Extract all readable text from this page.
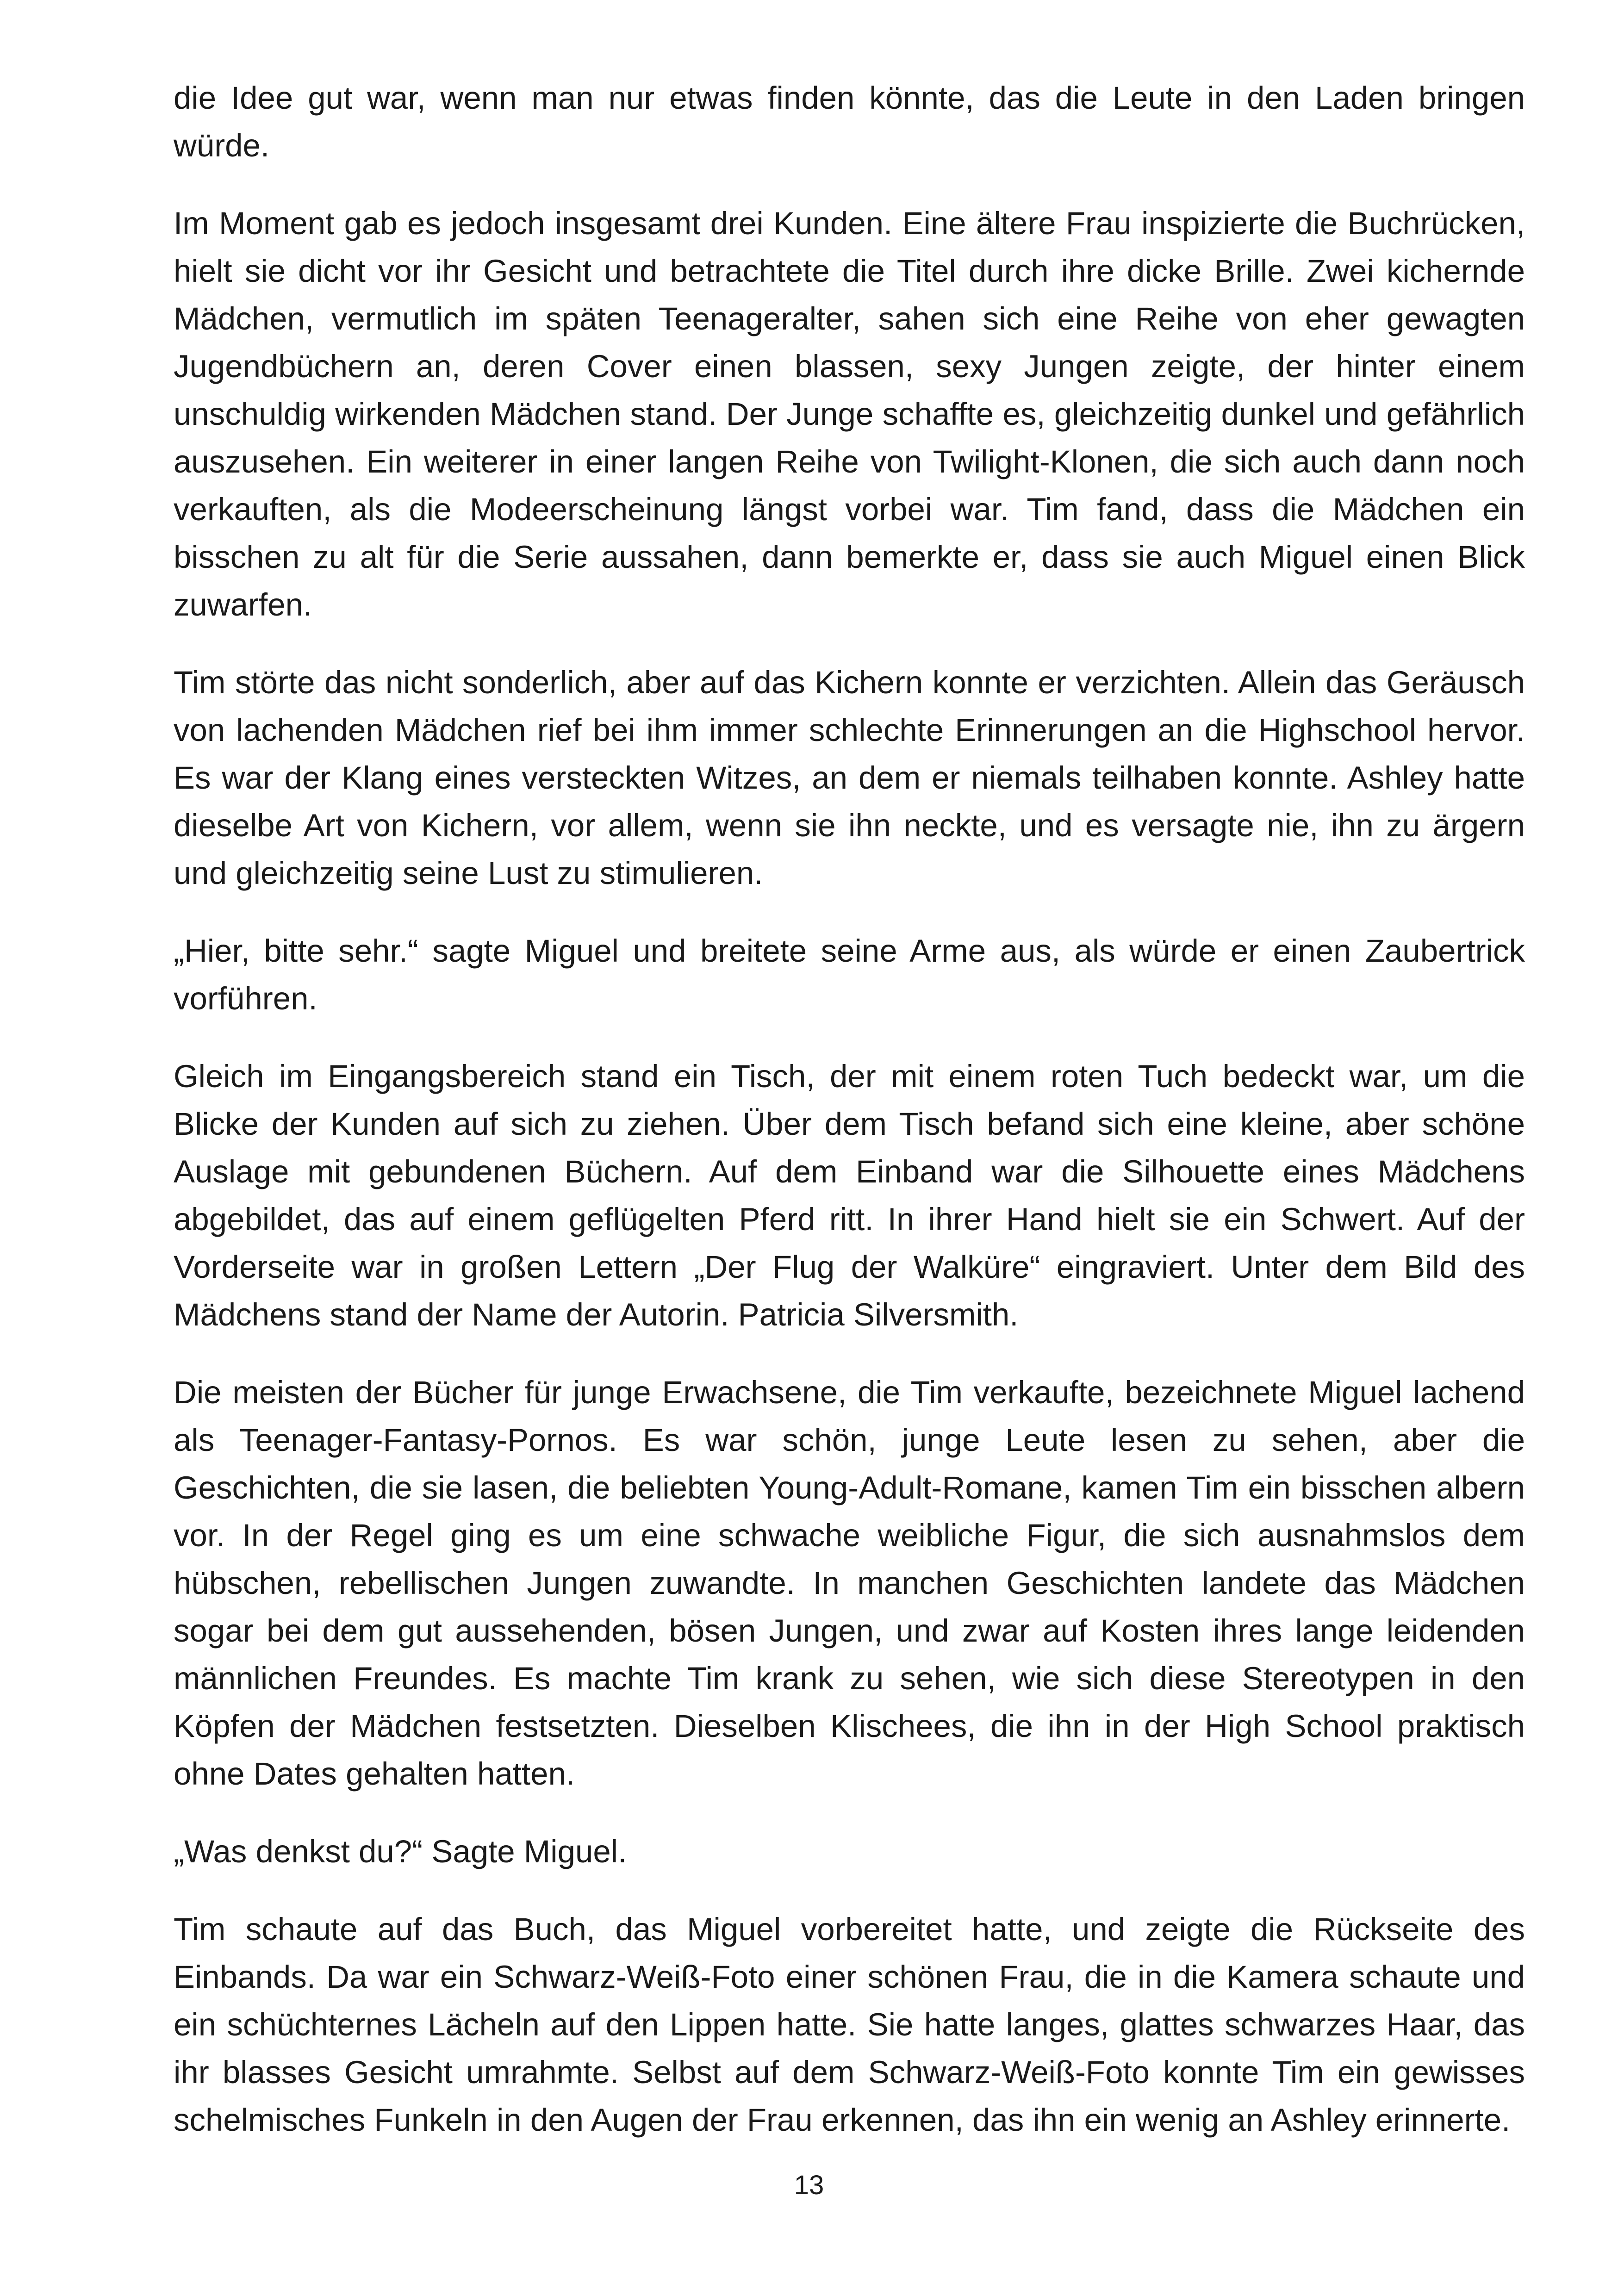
die Idee gut war, wenn man nur etwas finden könnte, das die Leute in den Laden bringen würde.

Im Moment gab es jedoch insgesamt drei Kunden. Eine ältere Frau inspizierte die Buchrücken, hielt sie dicht vor ihr Gesicht und betrachtete die Titel durch ihre dicke Brille. Zwei kichernde Mädchen, vermutlich im späten Teenageralter, sahen sich eine Reihe von eher gewagten Jugendbüchern an, deren Cover einen blassen, sexy Jungen zeigte, der hinter einem unschuldig wirkenden Mädchen stand. Der Junge schaffte es, gleichzeitig dunkel und gefährlich auszusehen. Ein weiterer in einer langen Reihe von Twilight-Klonen, die sich auch dann noch verkauften, als die Modeerscheinung längst vorbei war. Tim fand, dass die Mädchen ein bisschen zu alt für die Serie aussahen, dann bemerkte er, dass sie auch Miguel einen Blick zuwarfen.

Tim störte das nicht sonderlich, aber auf das Kichern konnte er verzichten. Allein das Geräusch von lachenden Mädchen rief bei ihm immer schlechte Erinnerungen an die Highschool hervor. Es war der Klang eines versteckten Witzes, an dem er niemals teilhaben konnte. Ashley hatte dieselbe Art von Kichern, vor allem, wenn sie ihn neckte, und es versagte nie, ihn zu ärgern und gleichzeitig seine Lust zu stimulieren.

„Hier, bitte sehr.“ sagte Miguel und breitete seine Arme aus, als würde er einen Zaubertrick vorführen.

Gleich im Eingangsbereich stand ein Tisch, der mit einem roten Tuch bedeckt war, um die Blicke der Kunden auf sich zu ziehen. Über dem Tisch befand sich eine kleine, aber schöne Auslage mit gebundenen Büchern. Auf dem Einband war die Silhouette eines Mädchens abgebildet, das auf einem geflügelten Pferd ritt. In ihrer Hand hielt sie ein Schwert. Auf der Vorderseite war in großen Lettern „Der Flug der Walküre“ eingraviert. Unter dem Bild des Mädchens stand der Name der Autorin. Patricia Silversmith.

Die meisten der Bücher für junge Erwachsene, die Tim verkaufte, bezeichnete Miguel lachend als Teenager-Fantasy-Pornos. Es war schön, junge Leute lesen zu sehen, aber die Geschichten, die sie lasen, die beliebten Young-Adult-Romane, kamen Tim ein bisschen albern vor. In der Regel ging es um eine schwache weibliche Figur, die sich ausnahmslos dem hübschen, rebellischen Jungen zuwandte. In manchen Geschichten landete das Mädchen sogar bei dem gut aussehenden, bösen Jungen, und zwar auf Kosten ihres lange leidenden männlichen Freundes. Es machte Tim krank zu sehen, wie sich diese Stereotypen in den Köpfen der Mädchen festsetzten. Dieselben Klischees, die ihn in der High School praktisch ohne Dates gehalten hatten.

„Was denkst du?“ Sagte Miguel.

Tim schaute auf das Buch, das Miguel vorbereitet hatte, und zeigte die Rückseite des Einbands. Da war ein Schwarz-Weiß-Foto einer schönen Frau, die in die Kamera schaute und ein schüchternes Lächeln auf den Lippen hatte. Sie hatte langes, glattes schwarzes Haar, das ihr blasses Gesicht umrahmte. Selbst auf dem Schwarz-Weiß-Foto konnte Tim ein gewisses schelmisches Funkeln in den Augen der Frau erkennen, das ihn ein wenig an Ashley erinnerte.

13
